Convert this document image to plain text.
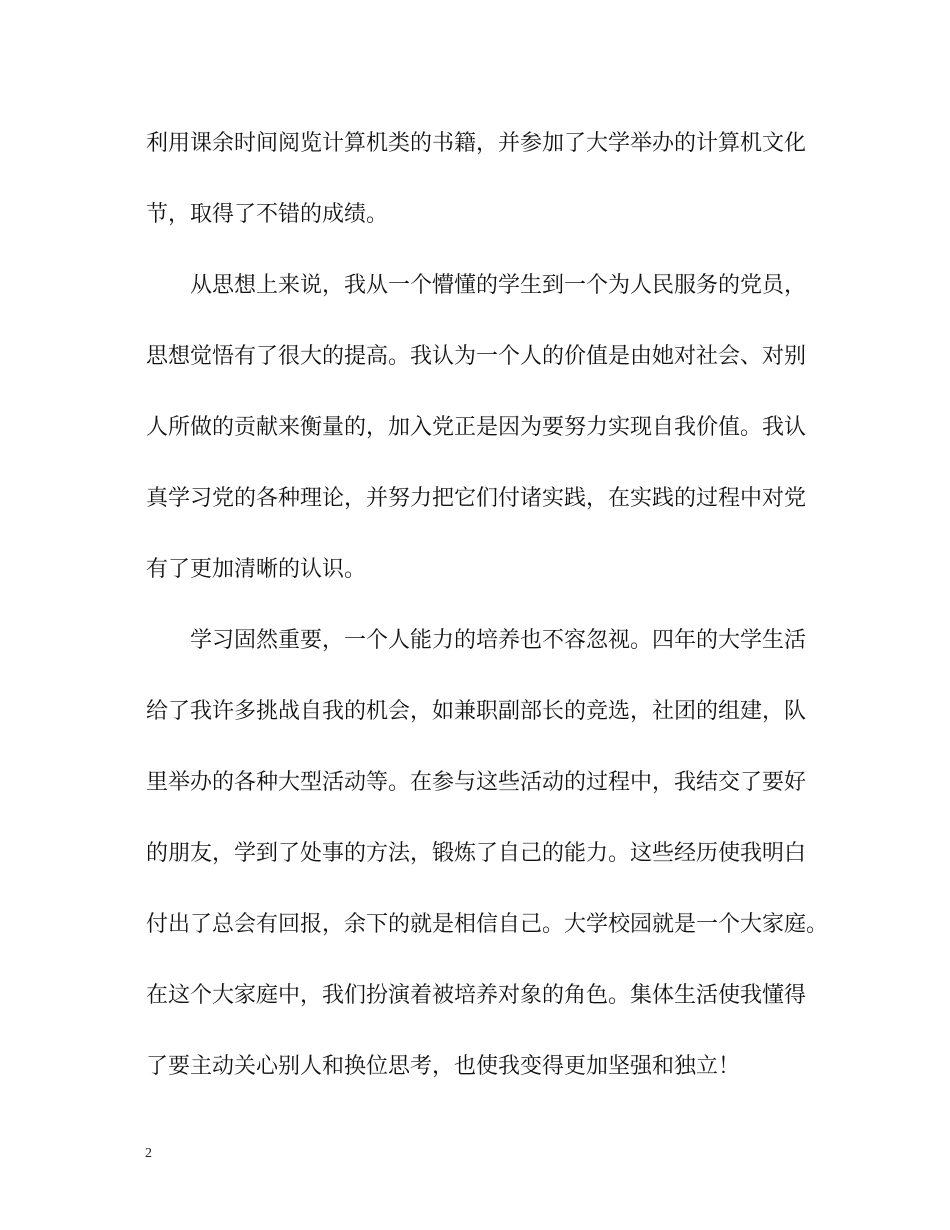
利用课余时间阅览计算机类的书籍，并参加了大学举办的计算机文化
节，取得了不错的成绩。
从思想上来说，我从一个懵懂的学生到一个为人民服务的党员，
思想觉悟有了很大的提高。我认为一个人的价值是由她对社会、对别
人所做的贡献来衡量的，加入党正是因为要努力实现自我价值。我认
真学习党的各种理论，并努力把它们付诸实践，在实践的过程中对党
有了更加清晰的认识。
学习固然重要，一个人能力的培养也不容忽视。四年的大学生活
给了我许多挑战自我的机会，如兼职副部长的竞选，社团的组建，队
里举办的各种大型活动等。在参与这些活动的过程中，我结交了要好
的朋友，学到了处事的方法，锻炼了自己的能力。这些经历使我明白
付出了总会有回报，余下的就是相信自己。大学校园就是一个大家庭。
在这个大家庭中，我们扮演着被培养对象的角色。集体生活使我懂得
了要主动关心别人和换位思考，也使我变得更加坚强和独立！
2
